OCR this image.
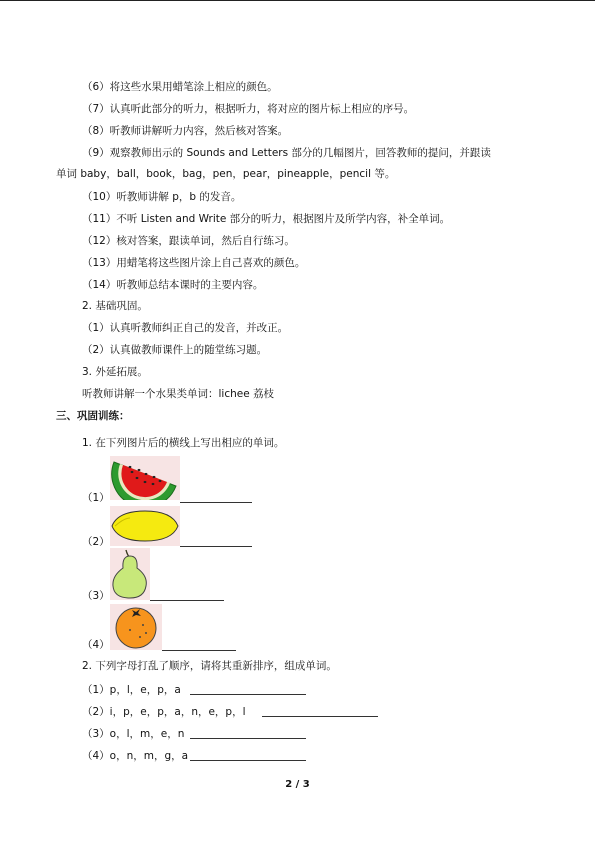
（6）将这些水果用蜡笔涂上相应的颜色。
（7）认真听此部分的听力，根据听力，将对应的图片标上相应的序号。
（8）听教师讲解听力内容，然后核对答案。
（9）观察教师出示的 Sounds and Letters 部分的几幅图片，回答教师的提问，并跟读
单词 baby，ball，book，bag，pen，pear，pineapple，pencil 等。
（10）听教师讲解 p，b 的发音。
（11）不听 Listen and Write 部分的听力，根据图片及所学内容，补全单词。
（12）核对答案，跟读单词，然后自行练习。
（13）用蜡笔将这些图片涂上自己喜欢的颜色。
（14）听教师总结本课时的主要内容。
2. 基础巩固。
（1）认真听教师纠正自己的发音，并改正。
（2）认真做教师课件上的随堂练习题。
3. 外延拓展。
听教师讲解一个水果类单词：lichee 荔枝
三、巩固训练：
1. 在下列图片后的横线上写出相应的单词。
（1）
（2）
（3）
（4）
2. 下列字母打乱了顺序，请将其重新排序，组成单词。
（1）p，l，e，p，a
（2）i，p，e，p，a，n，e，p，l
（3）o，l，m，e，n
（4）o，n，m，g，a
2 / 3
